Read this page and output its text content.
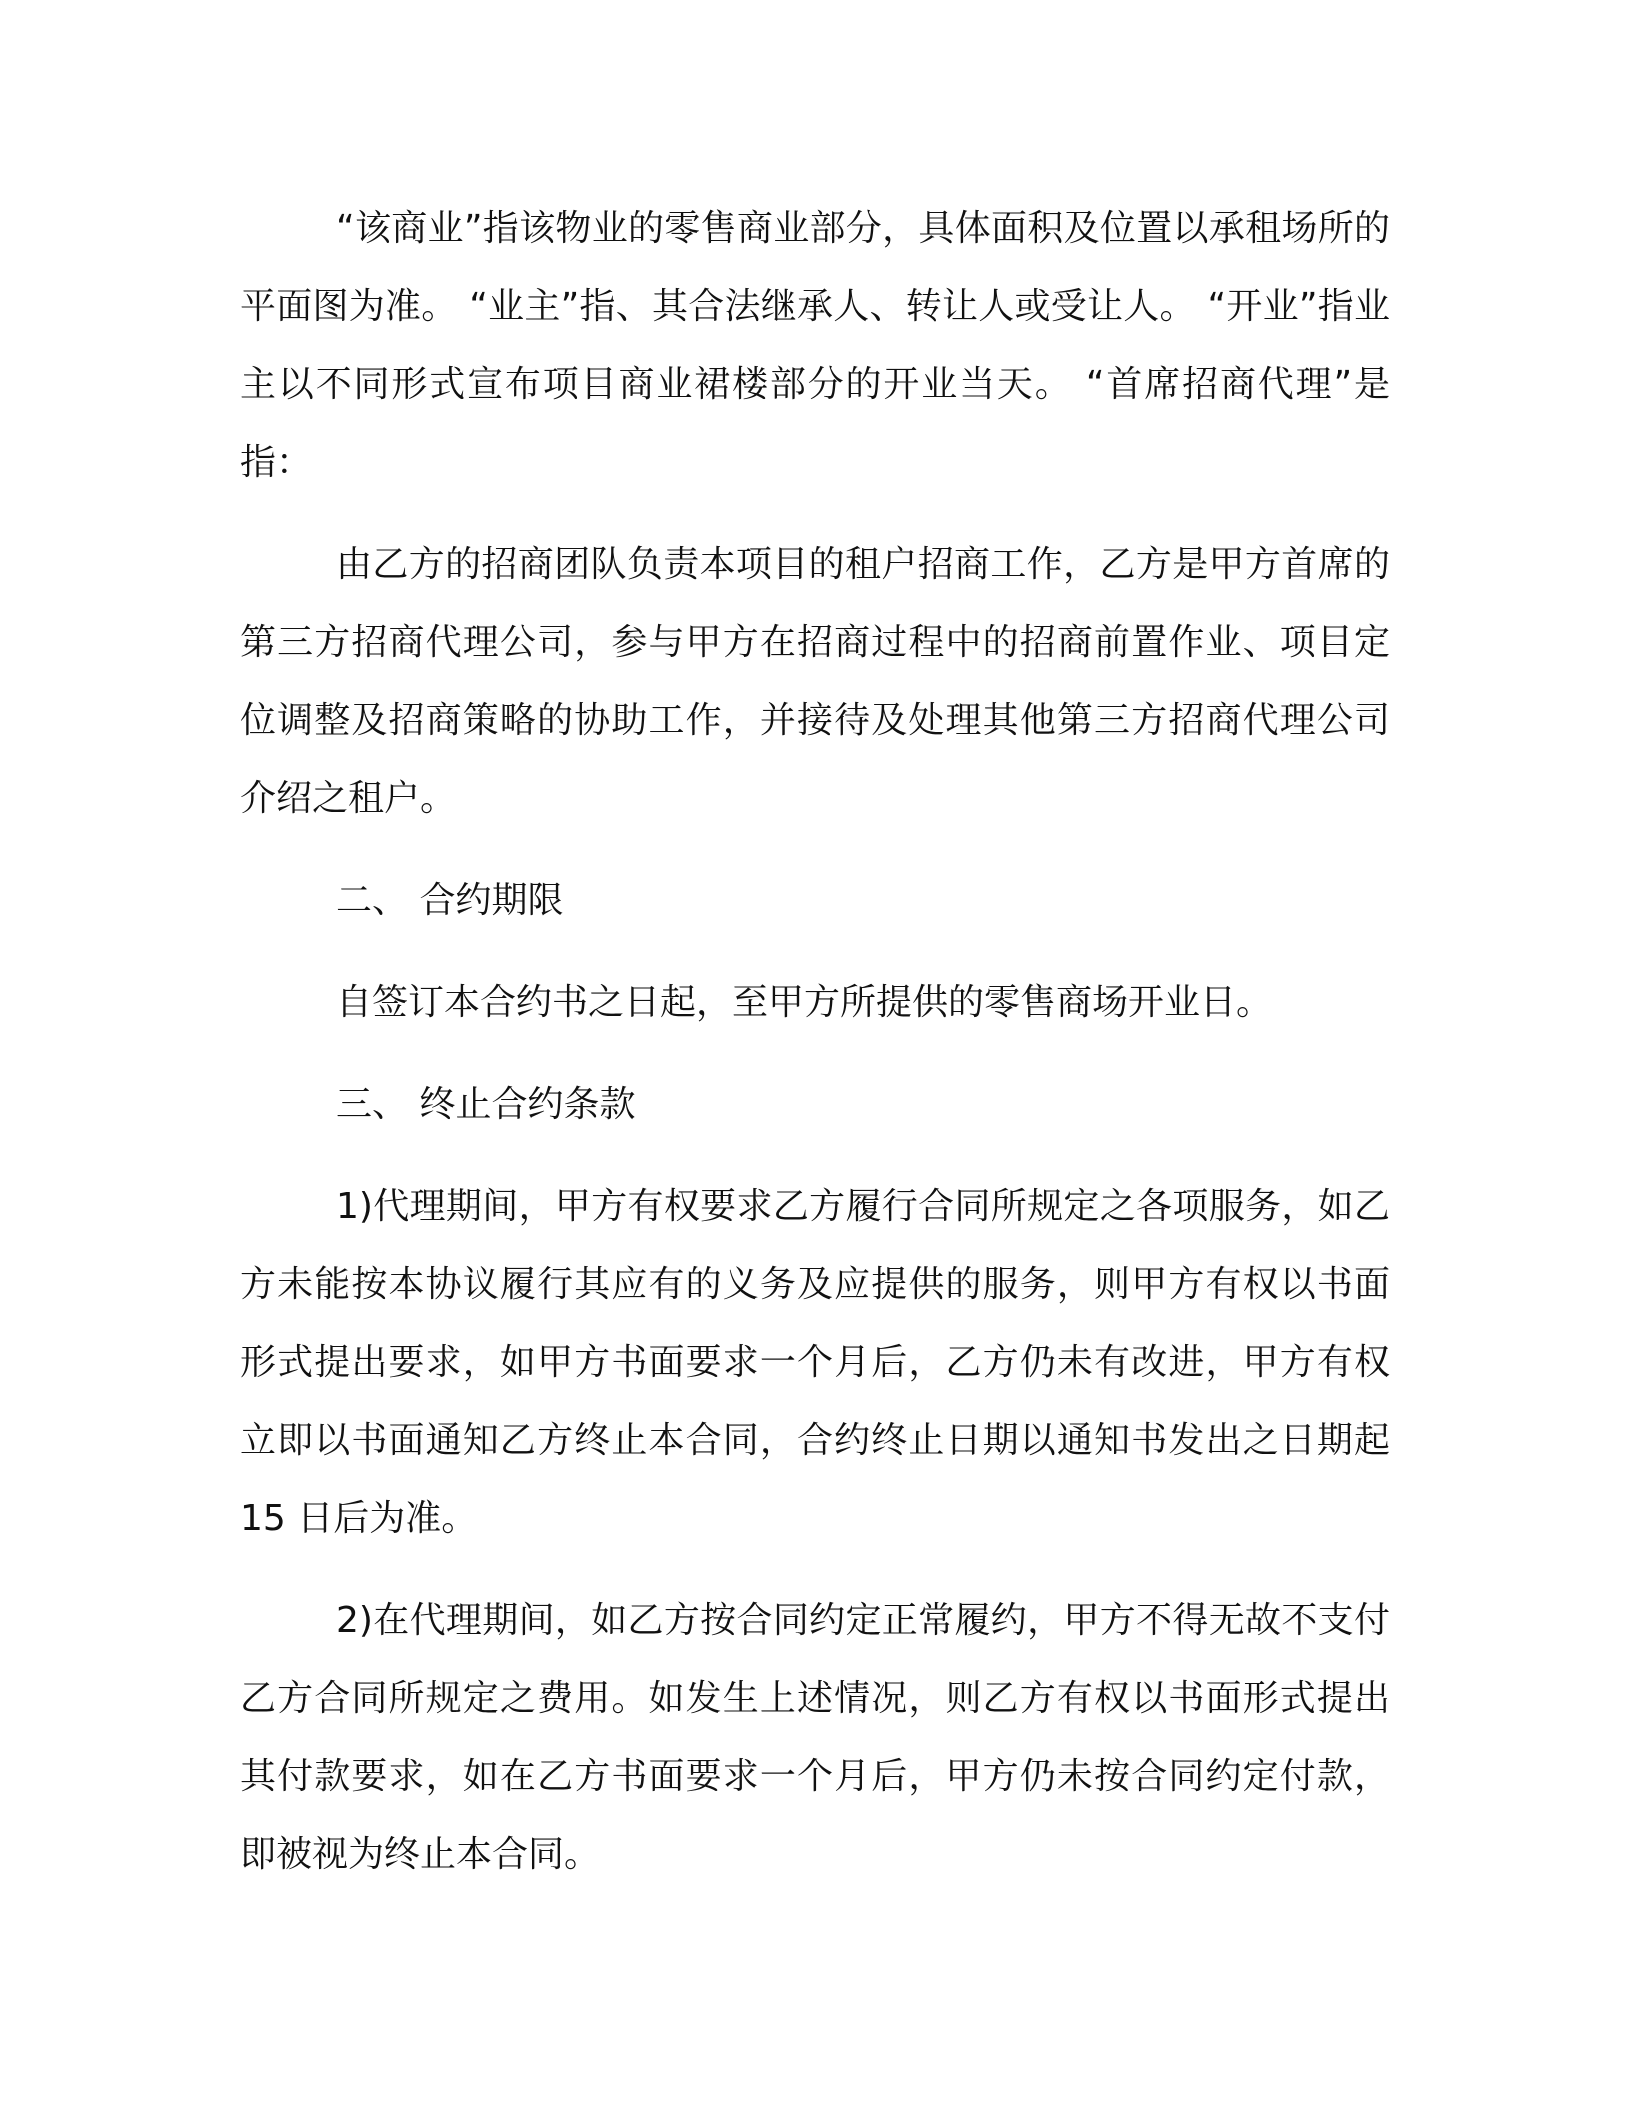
“该商业”指该物业的零售商业部分，具体面积及位置以承租场所的平面图为准。 “业主”指、其合法继承人、转让人或受让人。 “开业”指业主以不同形式宣布项目商业裙楼部分的开业当天。 “首席招商代理”是指：

由乙方的招商团队负责本项目的租户招商工作，乙方是甲方首席的第三方招商代理公司，参与甲方在招商过程中的招商前置作业、项目定位调整及招商策略的协助工作，并接待及处理其他第三方招商代理公司介绍之租户。

二、 合约期限

自签订本合约书之日起，至甲方所提供的零售商场开业日。

三、 终止合约条款

1)代理期间，甲方有权要求乙方履行合同所规定之各项服务，如乙方未能按本协议履行其应有的义务及应提供的服务，则甲方有权以书面形式提出要求，如甲方书面要求一个月后，乙方仍未有改进，甲方有权立即以书面通知乙方终止本合同，合约终止日期以通知书发出之日期起 15 日后为准。

2)在代理期间，如乙方按合同约定正常履约，甲方不得无故不支付乙方合同所规定之费用。如发生上述情况，则乙方有权以书面形式提出其付款要求，如在乙方书面要求一个月后，甲方仍未按合同约定付款，即被视为终止本合同。
